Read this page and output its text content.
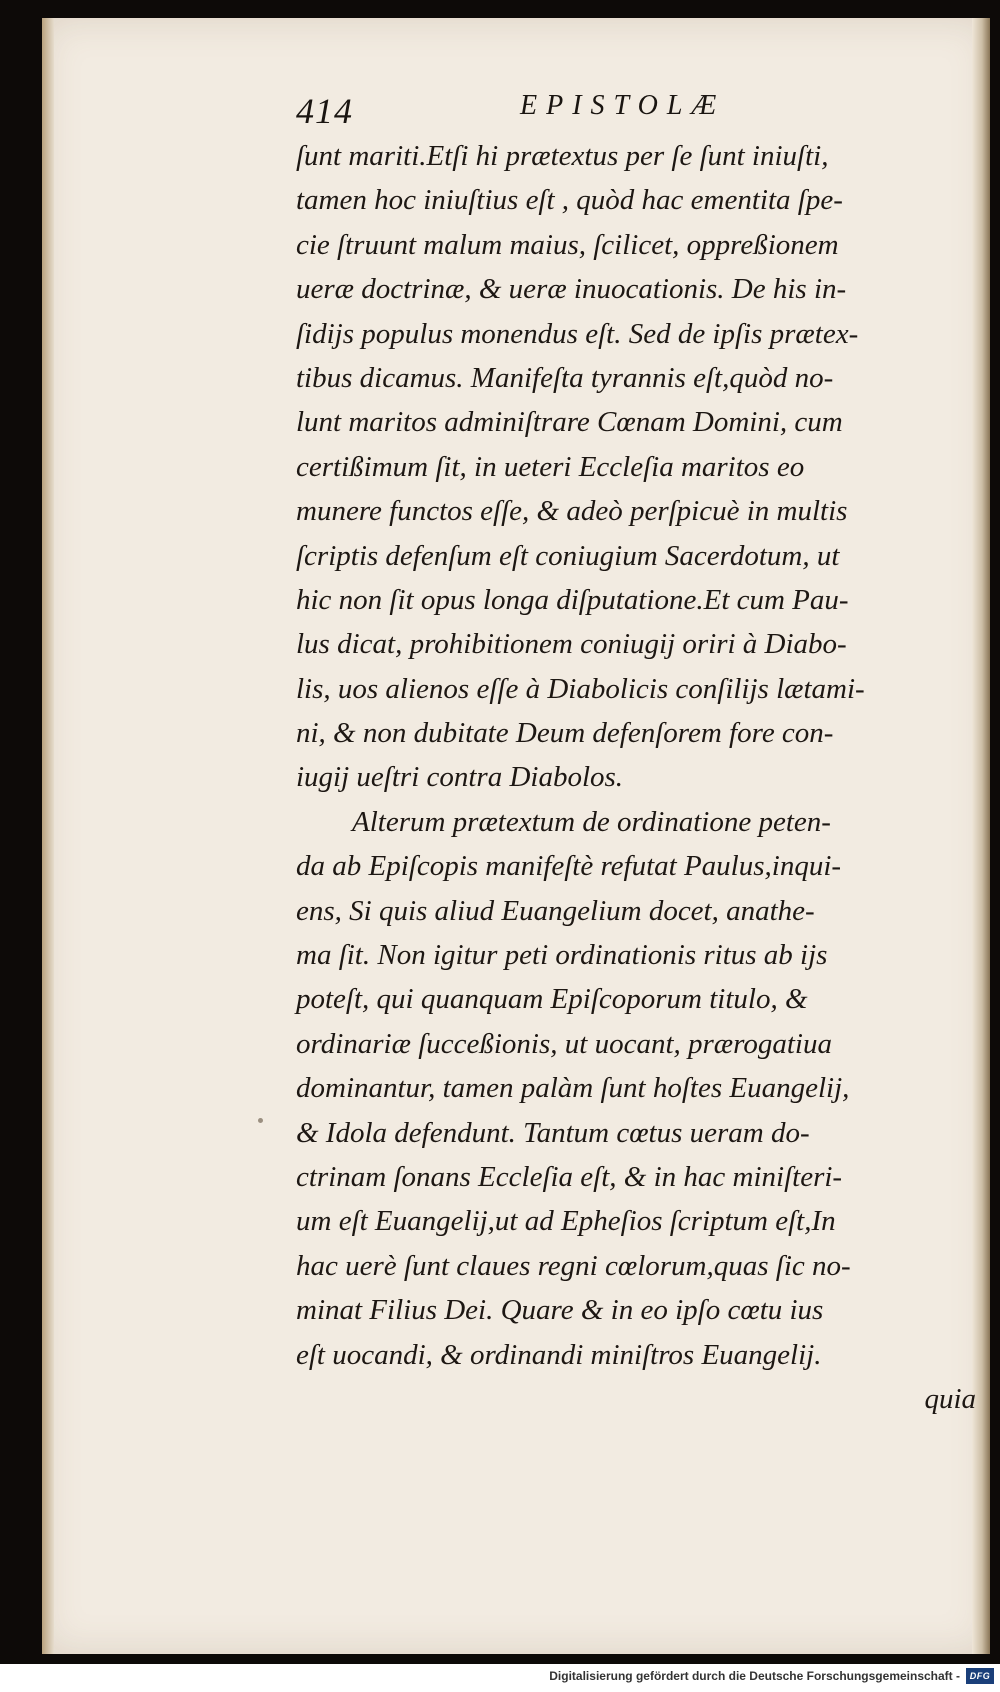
414	EPISTOLÆ
ſunt mariti.Etſi hi prætextus per ſe ſunt iniuſti,
tamen hoc iniuſtius eſt , quòd hac ementita ſpe-
cie ſtruunt malum maius, ſcilicet, oppreßionem
ueræ doctrinæ, & ueræ inuocationis. De his in-
ſidijs populus monendus eſt. Sed de ipſis prætex-
tibus dicamus. Manifeſta tyrannis eſt,quòd no-
lunt maritos adminiſtrare Cœnam Domini, cum
certißimum ſit, in ueteri Eccleſia maritos eo
munere functos eſſe, & adeò perſpicuè in multis
ſcriptis defenſum eſt coniugium Sacerdotum, ut
hic non ſit opus longa diſputatione.Et cum Pau-
lus dicat, prohibitionem coniugij oriri à Diabo-
lis, uos alienos eſſe à Diabolicis conſilijs lætami-
ni, & non dubitate Deum defenſorem fore con-
iugij ueſtri contra Diabolos.
Alterum prætextum de ordinatione peten-
da ab Epiſcopis manifeſtè refutat Paulus,inqui-
ens, Si quis aliud Euangelium docet, anathe-
ma ſit. Non igitur peti ordinationis ritus ab ijs
poteſt, qui quanquam Epiſcoporum titulo, &
ordinariæ ſucceßionis, ut uocant, prærogatiua
dominantur, tamen palàm ſunt hoſtes Euangelij,
& Idola defendunt. Tantum cœtus ueram do-
ctrinam ſonans Eccleſia eſt, & in hac miniſteri-
um eſt Euangelij,ut ad Epheſios ſcriptum eſt,In
hac uerè ſunt claues regni cœlorum,quas ſic no-
minat Filius Dei. Quare & in eo ipſo cœtu ius
eſt uocandi, & ordinandi miniſtros Euangelij.
quia
Digitalisierung gefördert durch die Deutsche Forschungsgemeinschaft -	DFG
